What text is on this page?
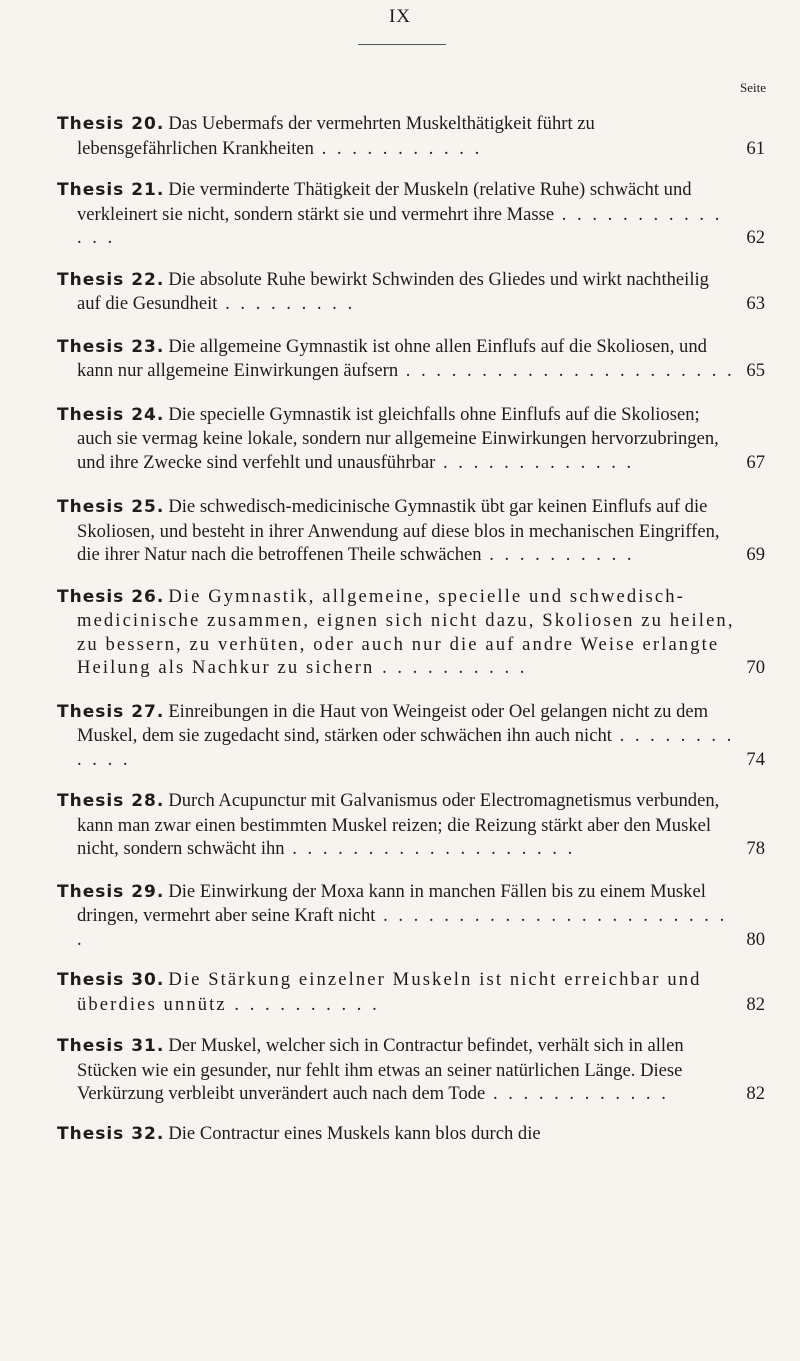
IX
Seite
Thesis 20. Das Uebermafs der vermehrten Muskelthätigkeit führt zu lebensgefährlichen Krankheiten . . . . . . . . . . .	61
Thesis 21. Die verminderte Thätigkeit der Muskeln (relative Ruhe) schwächt und verkleinert sie nicht, sondern stärkt sie und vermehrt ihre Masse . . . . . . . . . . . . . .	62
Thesis 22. Die absolute Ruhe bewirkt Schwinden des Gliedes und wirkt nachtheilig auf die Gesundheit . . . . . . . . .	63
Thesis 23. Die allgemeine Gymnastik ist ohne allen Einflufs auf die Skoliosen, und kann nur allgemeine Einwirkungen äufsern . . . . . . . . . . . . . . . . . . . . . . 65
Thesis 24. Die specielle Gymnastik ist gleichfalls ohne Einflufs auf die Skoliosen; auch sie vermag keine lokale, sondern nur allgemeine Einwirkungen hervorzubringen, und ihre Zwecke sind verfehlt und unausführbar . . . . . . . . . . . . .	67
Thesis 25. Die schwedisch-medicinische Gymnastik übt gar keinen Einflufs auf die Skoliosen, und besteht in ihrer Anwendung auf diese blos in mechanischen Eingriffen, die ihrer Natur nach die betroffenen Theile schwächen . . . . . . . . . .	69
Thesis 26. Die Gymnastik, allgemeine, specielle und schwedisch-medicinische zusammen, eignen sich nicht dazu, Skoliosen zu heilen, zu bessern, zu verhüten, oder auch nur die auf andre Weise erlangte Heilung als Nachkur zu sichern . . . . . . . . . .	70
Thesis 27. Einreibungen in die Haut von Weingeist oder Oel gelangen nicht zu dem Muskel, dem sie zugedacht sind, stärken oder schwächen ihn auch nicht . . . . . . . . . . . .	74
Thesis 28. Durch Acupunctur mit Galvanismus oder Electromagnetismus verbunden, kann man zwar einen bestimmten Muskel reizen; die Reizung stärkt aber den Muskel nicht, sondern schwächt ihn . . . . . . . . . . . . . . . . . . .	78
Thesis 29. Die Einwirkung der Moxa kann in manchen Fällen bis zu einem Muskel dringen, vermehrt aber seine Kraft nicht . . . . . . . . . . . . . . . . . . . . . . . .	80
Thesis 30. Die Stärkung einzelner Muskeln ist nicht erreichbar und überdies unnütz . . . . . . . . . .	82
Thesis 31. Der Muskel, welcher sich in Contractur befindet, verhält sich in allen Stücken wie ein gesunder, nur fehlt ihm etwas an seiner natürlichen Länge. Diese Verkürzung verbleibt unverändert auch nach dem Tode . . . . . . . . . . . .	82
Thesis 32. Die Contractur eines Muskels kann blos durch die
